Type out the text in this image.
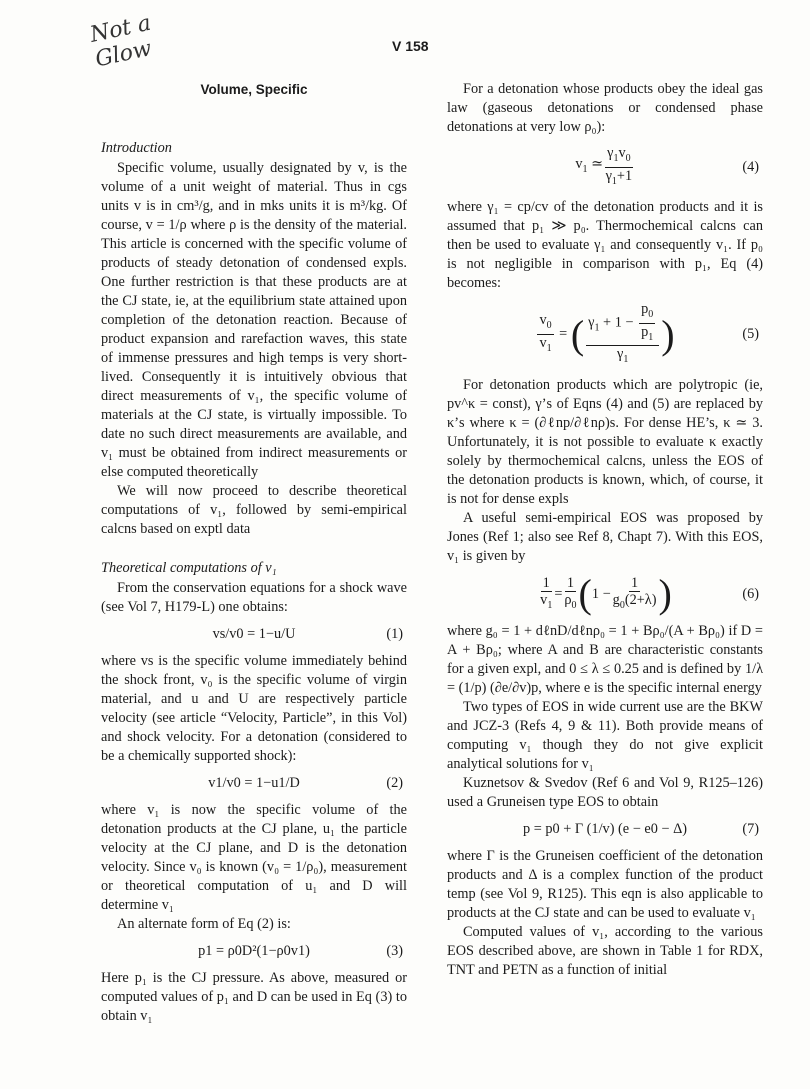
Not a Glow	V 158
Volume, Specific
Introduction

Specific volume, usually designated by v, is the volume of a unit weight of material. Thus in cgs units v is in cm³/g, and in mks units it is m³/kg. Of course, v = 1/ρ where ρ is the density of the material. This article is concerned with the specific volume of products of steady detonation of condensed expls. One further restriction is that these products are at the CJ state, ie, at the equilibrium state attained upon completion of the detonation reaction. Because of product expansion and rarefaction waves, this state of immense pressures and high temps is very short-lived. Consequently it is intuitively obvious that direct measurements of v₁, the specific volume of materials at the CJ state, is virtually impossible. To date no such direct measurements are available, and v₁ must be obtained from indirect measurements or else computed theoretically

We will now proceed to describe theoretical computations of v₁, followed by semi-empirical calcns based on exptl data

Theoretical computations of v₁

From the conservation equations for a shock wave (see Vol 7, H179-L) one obtains:

vs/v0 = 1−u/U	(1)

where vs is the specific volume immediately behind the shock front, v₀ is the specific volume of virgin material, and u and U are respectively particle velocity (see article “Velocity, Particle”, in this Vol) and shock velocity. For a detonation (considered to be a chemically supported shock):

v1/v0 = 1−u1/D	(2)

where v₁ is now the specific volume of the detonation products at the CJ plane, u₁ the particle velocity at the CJ plane, and D is the detonation velocity. Since v₀ is known (v₀ = 1/ρ₀), measurement or theoretical computation of u₁ and D will determine v₁

An alternate form of Eq (2) is:

p1 = ρ0D²(1−ρ0v1)	(3)

Here p₁ is the CJ pressure. As above, measured or computed values of p₁ and D can be used in Eq (3) to obtain v₁

For a detonation whose products obey the ideal gas law (gaseous detonations or condensed phase detonations at very low ρ₀):

$v_1$ ≃ $\frac{\gamma_1v_0}{\gamma_1+1}$	(4)

where γ₁ = cp/cv of the detonation products and it is assumed that p₁ ≫ p₀. Thermochemical calcns can then be used to evaluate γ₁ and consequently v₁. If p₀ is not negligible in comparison with p₁, Eq (4) becomes:

$\frac{v_0}{v_1}$ = ( $\frac{\gamma_1 + 1 - \frac{p_0}{p_1}}{\gamma_1}$ )	(5)

For detonation products which are polytropic (ie, pv^κ = const), γ’s of Eqns (4) and (5) are replaced by κ’s where κ = (∂ℓnp/∂ℓnρ)s. For dense HE’s, κ ≃ 3. Unfortunately, it is not possible to evaluate κ exactly solely by thermochemical calcns, unless the EOS of the detonation products is known, which, of course, it is not for dense expls

A useful semi-empirical EOS was proposed by Jones (Ref 1; also see Ref 8, Chapt 7). With this EOS, v₁ is given by

$\frac{1}{v_1} = \frac{1}{\rho_0}$ ( $1 - \frac{1}{g_0(2+\lambda)}$ )	(6)

where g₀ = 1 + dℓnD/dℓnρ₀ = 1 + Bρ₀/(A + Bρ₀) if D = A + Bρ₀; where A and B are characteristic constants for a given expl, and 0 ≤ λ ≤ 0.25 and is defined by 1/λ = (1/p) (∂e/∂v)p, where e is the specific internal energy

Two types of EOS in wide current use are the BKW and JCZ-3 (Refs 4, 9 & 11). Both provide means of computing v₁ though they do not give explicit analytical solutions for v₁

Kuznetsov & Svedov (Ref 6 and Vol 9, R125–126) used a Gruneisen type EOS to obtain

p = p0 + Γ (1/v) (e − e0 − Δ)	(7)

where Γ is the Gruneisen coefficient of the detonation products and Δ is a complex function of the product temp (see Vol 9, R125). This eqn is also applicable to products at the CJ state and can be used to evaluate v₁

Computed values of v₁, according to the various EOS described above, are shown in Table 1 for RDX, TNT and PETN as a function of initial
